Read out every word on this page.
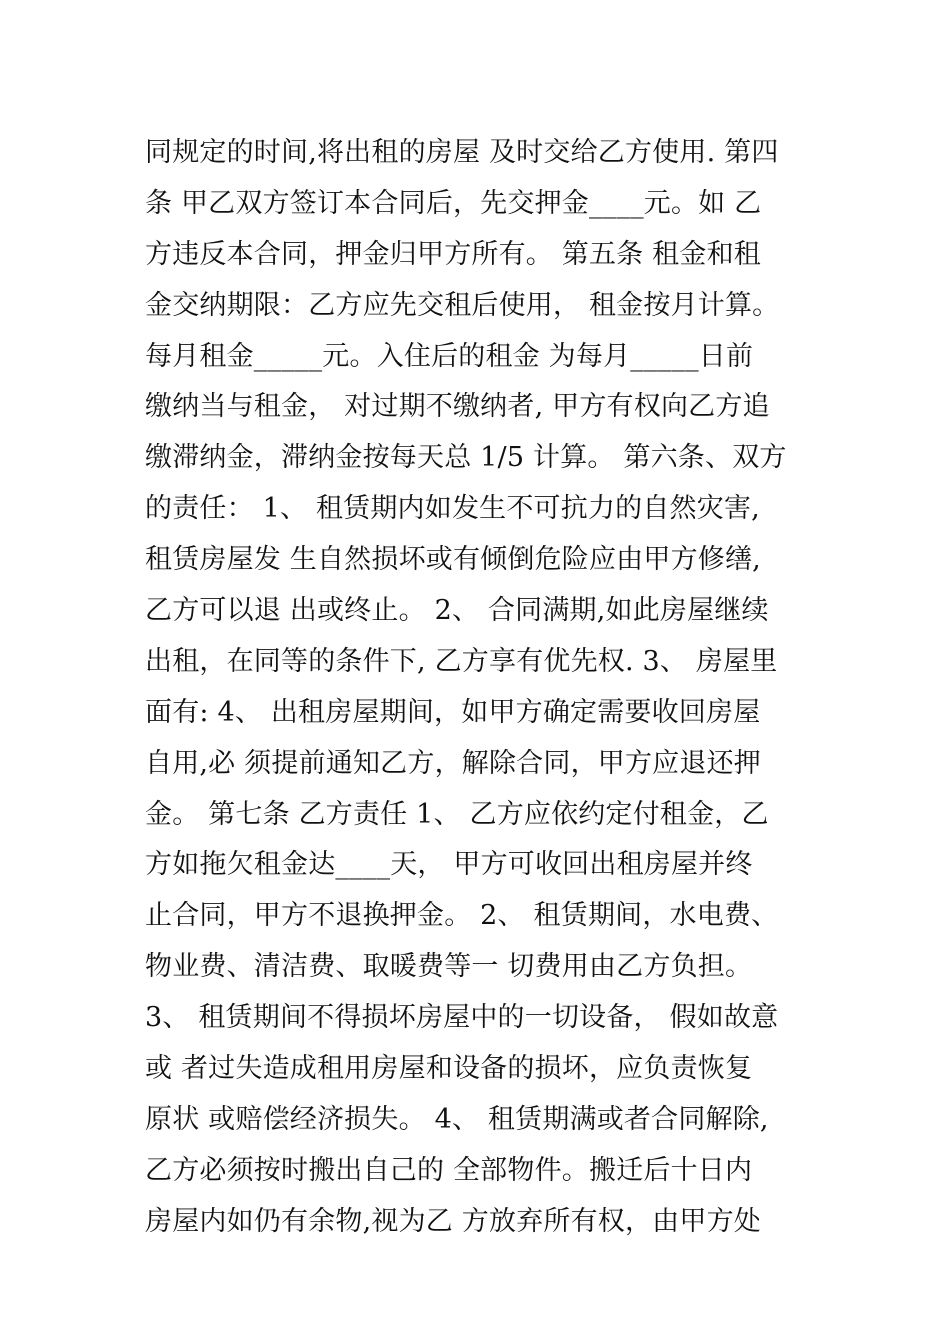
同规定的时间,将出租的房屋 及时交给乙方使用. 第四
条 甲乙双方签订本合同后，先交押金____元。如 乙
方违反本合同，押金归甲方所有。 第五条 租金和租
金交纳期限：乙方应先交租后使用， 租金按月计算。
每月租金_____元。入住后的租金 为每月_____日前
缴纳当与租金， 对过期不缴纳者, 甲方有权向乙方追
缴滞纳金，滞纳金按每天总 1/5 计算。 第六条、双方
的责任： 1、 租赁期内如发生不可抗力的自然灾害,
租赁房屋发 生自然损坏或有倾倒危险应由甲方修缮,
乙方可以退 出或终止。 2、 合同满期,如此房屋继续
出租，在同等的条件下, 乙方享有优先权. 3、 房屋里
面有: 4、 出租房屋期间，如甲方确定需要收回房屋
自用,必 须提前通知乙方，解除合同，甲方应退还押
金。 第七条 乙方责任 1、 乙方应依约定付租金，乙
方如拖欠租金达____天， 甲方可收回出租房屋并终
止合同，甲方不退换押金。 2、 租赁期间，水电费、
物业费、清洁费、取暖费等一 切费用由乙方负担。
3、 租赁期间不得损坏房屋中的一切设备， 假如故意
或 者过失造成租用房屋和设备的损坏，应负责恢复
原状 或赔偿经济损失。 4、 租赁期满或者合同解除,
乙方必须按时搬出自己的 全部物件。搬迁后十日内
房屋内如仍有余物,视为乙 方放弃所有权，由甲方处
